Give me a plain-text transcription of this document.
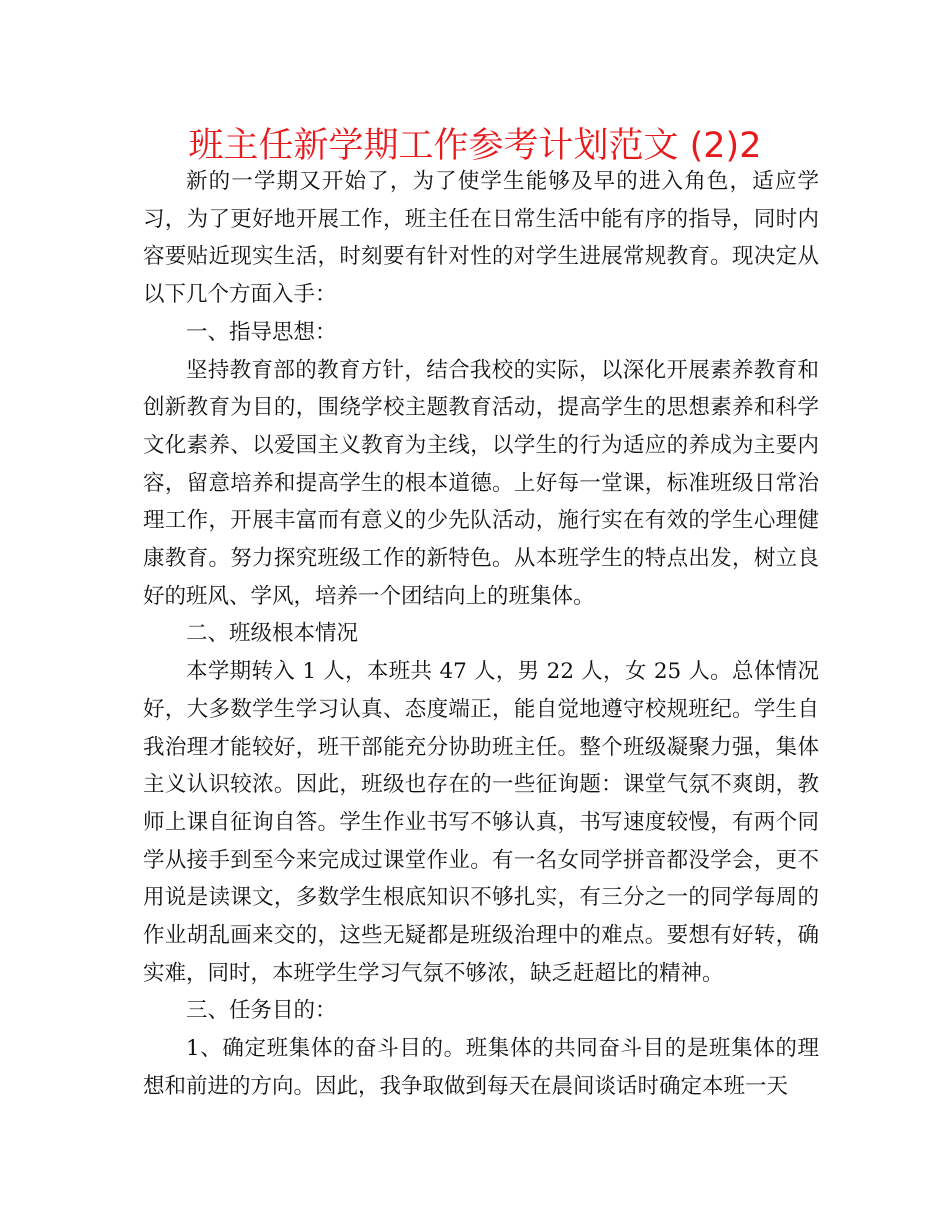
班主任新学期工作参考计划范文 (2)2

新的一学期又开始了，为了使学生能够及早的进入角色，适应学习，为了更好地开展工作，班主任在日常生活中能有序的指导，同时内容要贴近现实生活，时刻要有针对性的对学生进展常规教育。现决定从以下几个方面入手：

一、指导思想：

坚持教育部的教育方针，结合我校的实际，以深化开展素养教育和创新教育为目的，围绕学校主题教育活动，提高学生的思想素养和科学文化素养、以爱国主义教育为主线，以学生的行为适应的养成为主要内容，留意培养和提高学生的根本道德。上好每一堂课，标准班级日常治理工作，开展丰富而有意义的少先队活动，施行实在有效的学生心理健康教育。努力探究班级工作的新特色。从本班学生的特点出发，树立良好的班风、学风，培养一个团结向上的班集体。

二、班级根本情况

本学期转入 1 人，本班共 47 人，男 22 人，女 25 人。总体情况好，大多数学生学习认真、态度端正，能自觉地遵守校规班纪。学生自我治理才能较好，班干部能充分协助班主任。整个班级凝聚力强，集体主义认识较浓。因此，班级也存在的一些征询题：课堂气氛不爽朗，教师上课自征询自答。学生作业书写不够认真，书写速度较慢，有两个同学从接手到至今来完成过课堂作业。有一名女同学拼音都没学会，更不用说是读课文，多数学生根底知识不够扎实，有三分之一的同学每周的作业胡乱画来交的，这些无疑都是班级治理中的难点。要想有好转，确实难，同时，本班学生学习气氛不够浓，缺乏赶超比的精神。

三、任务目的：

1、确定班集体的奋斗目的。班集体的共同奋斗目的是班集体的理想和前进的方向。因此，我争取做到每天在晨间谈话时确定本班一天
